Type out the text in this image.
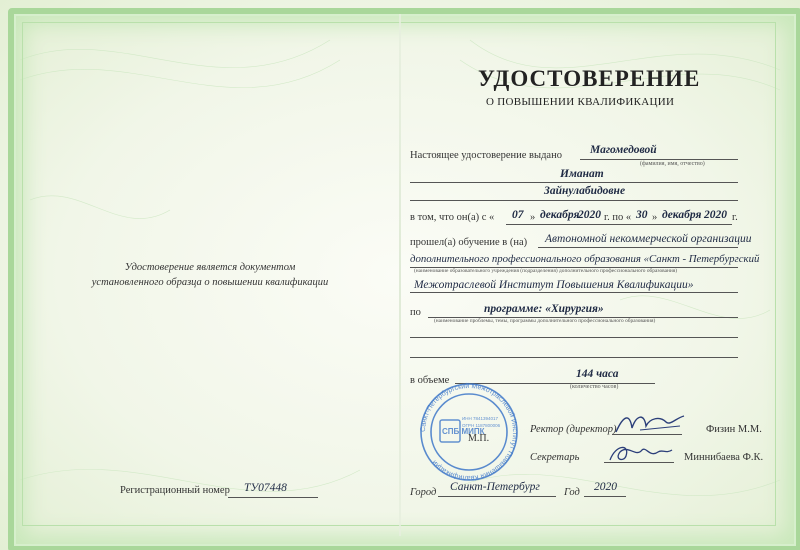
Удостоверение является документом
установленного образца о повышении квалификации
Регистрационный номер ТУ07448
УДОСТОВЕРЕНИЕ
О ПОВЫШЕНИИ КВАЛИФИКАЦИИ
Настоящее удостоверение выдано Магомедовой
(фамилия, имя, отчество)
Иманат
Зайнулабидовне
в том, что он(а) с « 07 » декабря
2020 г. по « 30 » декабря 2020 г.
прошел(а) обучение в (на) Автономной некоммерческой организации
дополнительного профессионального образования «Санкт - Петербургский
(наименование образовательного учреждения (подразделения) дополнительного профессионального образования)
Межотраслевой Институт Повышения Квалификации»
по	программе: «Хирургия»
(наименование проблемы, темы, программы дополнительного профессионального образования)
в объеме
144 часа
(количество часов)
Санкт-Петербургский Межотраслевой Институт Повышения Квалификации
СПБ МИПК
ИНН 7841394017
ОГРН 1187800006
М.П.
Ректор (директор)	Физин М.М.
Секретарь	Миннибаева Ф.К.
Город Санкт-Петербург Год 2020
